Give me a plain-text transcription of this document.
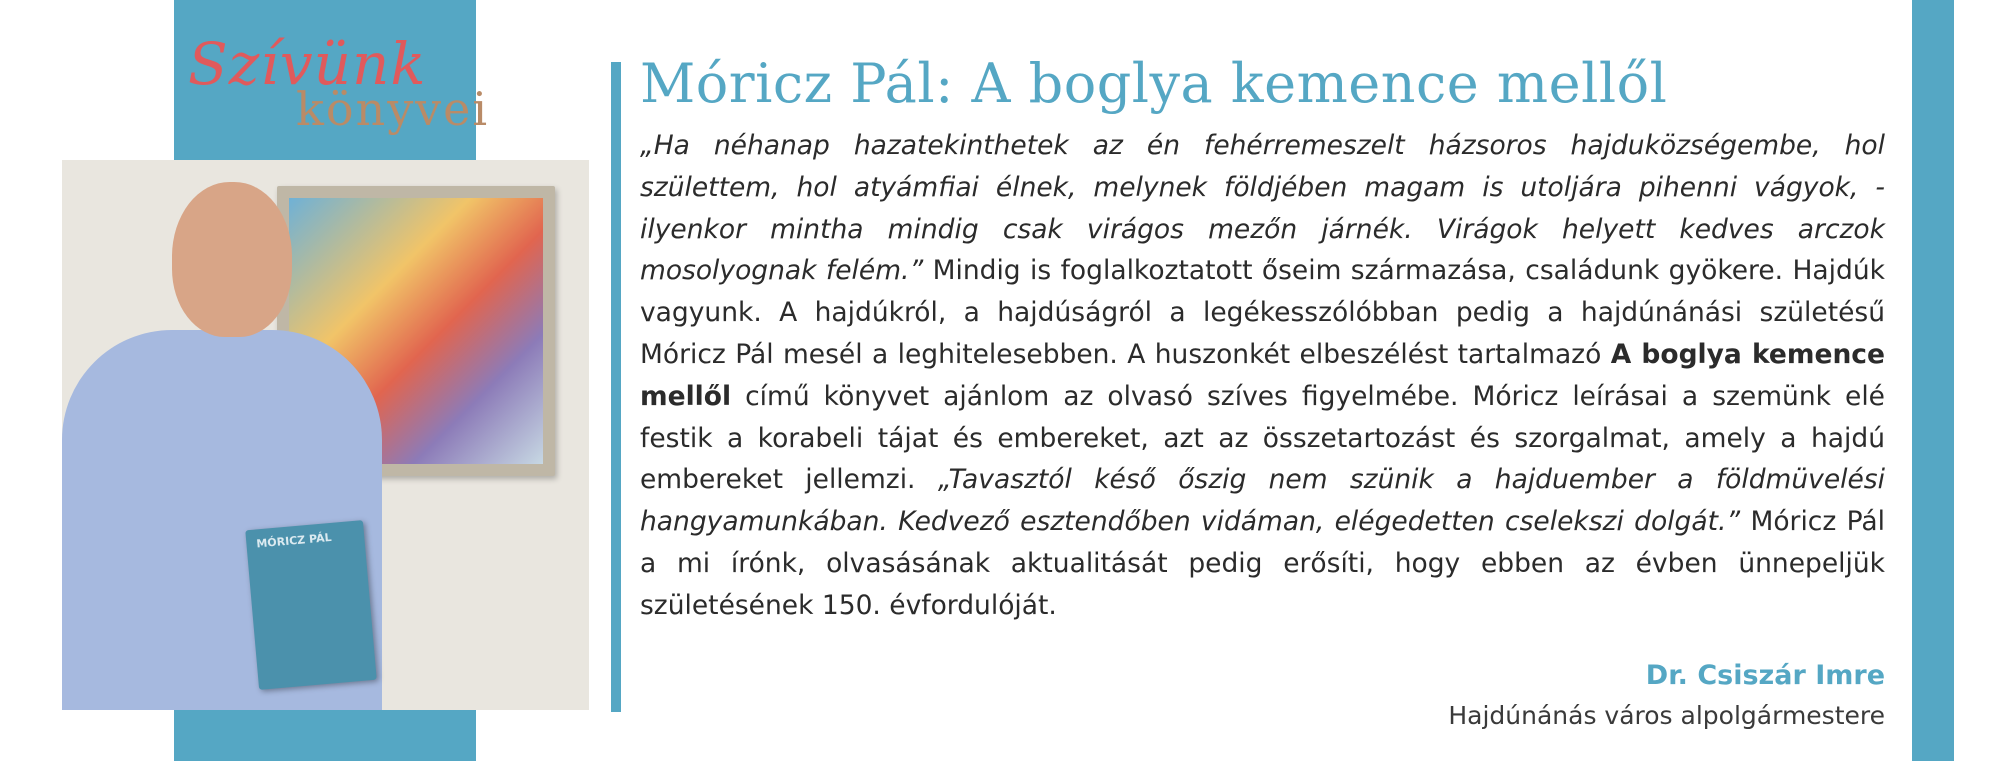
Szívünk
könyvei
MÓRICZ PÁL
Móricz Pál: A boglya kemence mellől
„Ha néhanap hazatekinthetek az én fehérremeszelt házsoros hajduközségembe, hol születtem, hol atyámfiai élnek, melynek földjében magam is utoljára pihenni vágyok, - ilyenkor mintha mindig csak virágos mezőn járnék. Virágok helyett kedves arczok mosolyognak felém.” Mindig is foglalkoztatott őseim származása, családunk gyökere. Hajdúk vagyunk. A hajdúkról, a hajdúságról a legékesszólóbban pedig a hajdúnánási születésű Móricz Pál mesél a leghitelesebben. A huszonkét elbeszélést tartalmazó A boglya kemence mellől című könyvet ajánlom az olvasó szíves figyelmébe. Móricz leírásai a szemünk elé festik a korabeli tájat és embereket, azt az összetartozást és szorgalmat, amely a hajdú embereket jellemzi. „Tavasztól késő őszig nem szünik a hajduember a földmüvelési hangyamunkában. Kedvező esztendőben vidáman, elégedetten cselekszi dolgát.” Móricz Pál a mi írónk, olvasásának aktualitását pedig erősíti, hogy ebben az évben ünnepeljük születésének 150. évfordulóját.
Dr. Csiszár Imre
Hajdúnánás város alpolgármestere
